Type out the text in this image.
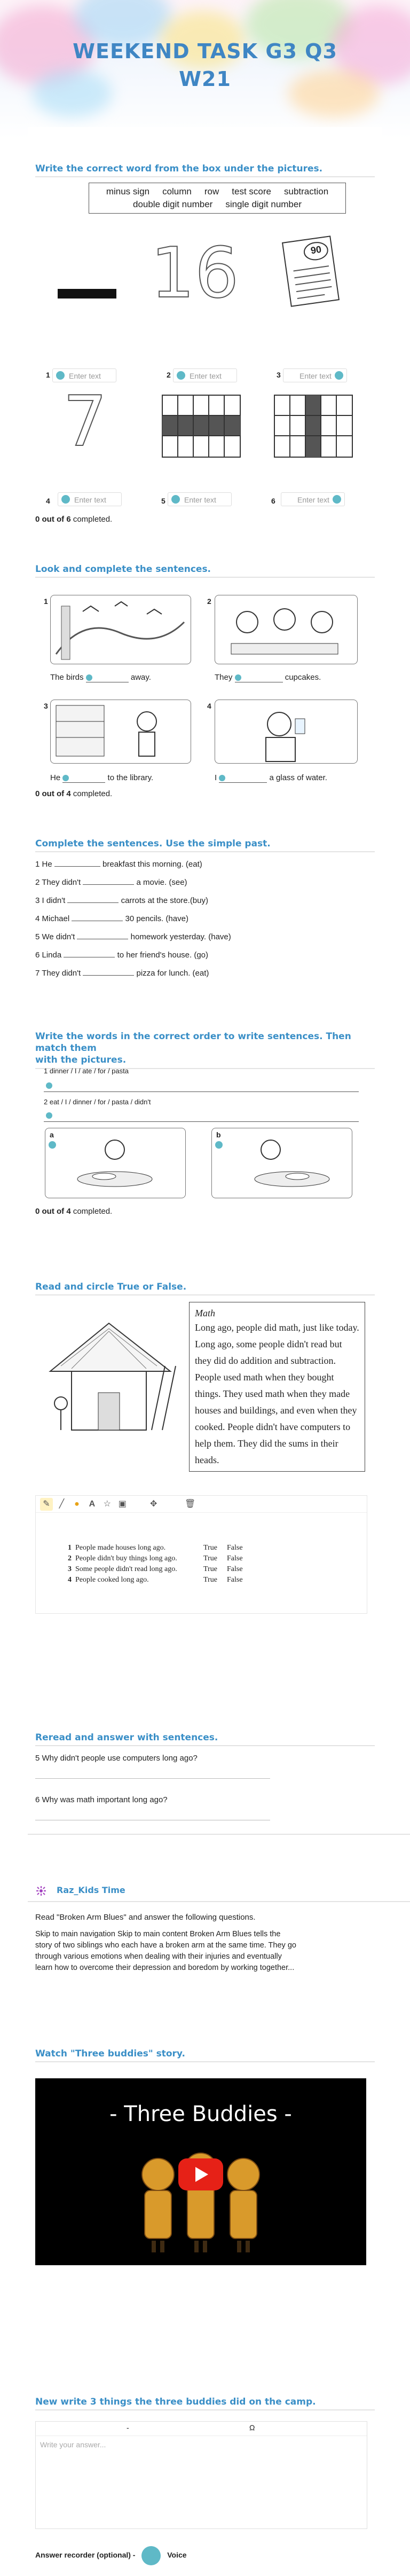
WEEKEND TASK G3 Q3
W21
Write the correct word from the box under the pictures.
minus sign column row test score subtraction
double digit number single digit number
16	90
1	Enter text	2	Enter text	3	Enter text
7
4	Enter text	5	Enter text	6	Enter text
0 out of 6 completed.
Look and complete the sentences.
1	2
The birds	away.	They	cupcakes.
3	4
He	to the library.	I	a glass of water.
0 out of 4 completed.
Complete the sentences. Use the simple past.
1 He	breakfast this morning. (eat)
2 They didn't	a movie. (see)
3 I didn't	carrots at the store.(buy)
4 Michael	30 pencils. (have)
5 We didn't	homework yesterday. (have)
6 Linda	to her friend's house. (go)
7 They didn't	pizza for lunch. (eat)
Write the words in the correct order to write sentences. Then match them
with the pictures.
1 dinner / I / ate / for / pasta
2 eat / I / dinner / for / pasta / didn't
a	b
0 out of 4 completed.
Read and circle True or False.

Math

Long ago, people did math, just like today.

Long ago, some people didn't read but

they did do addition and subtraction.

People used math when they bought

things. They used math when they made

houses and buildings, and even when they

cooked. People didn't have computers to

help them. They did the sums in their

heads.

✎ ╱ ● A ☆ ▣	✥	🗑
1 People made houses long ago.	True False
2 People didn't buy things long ago.	True False
3 Some people didn't read long ago.	True False
4 People cooked long ago.	True False
Reread and answer with sentences.
5 Why didn't people use computers long ago?
6 Why was math important long ago?
Raz_Kids Time
Read "Broken Arm Blues" and answer the following questions.
Skip to main navigation Skip to main content Broken Arm Blues tells the
story of two siblings who each have a broken arm at the same time. They go
through various emotions when dealing with their injuries and eventually
learn how to overcome their depression and boredom by working together...
Watch "Three buddies" story.
- Three Buddies -
New write 3 things the three buddies did on the camp.
-	Ω
Write your answer...
Answer recorder (optional) -	Voice
